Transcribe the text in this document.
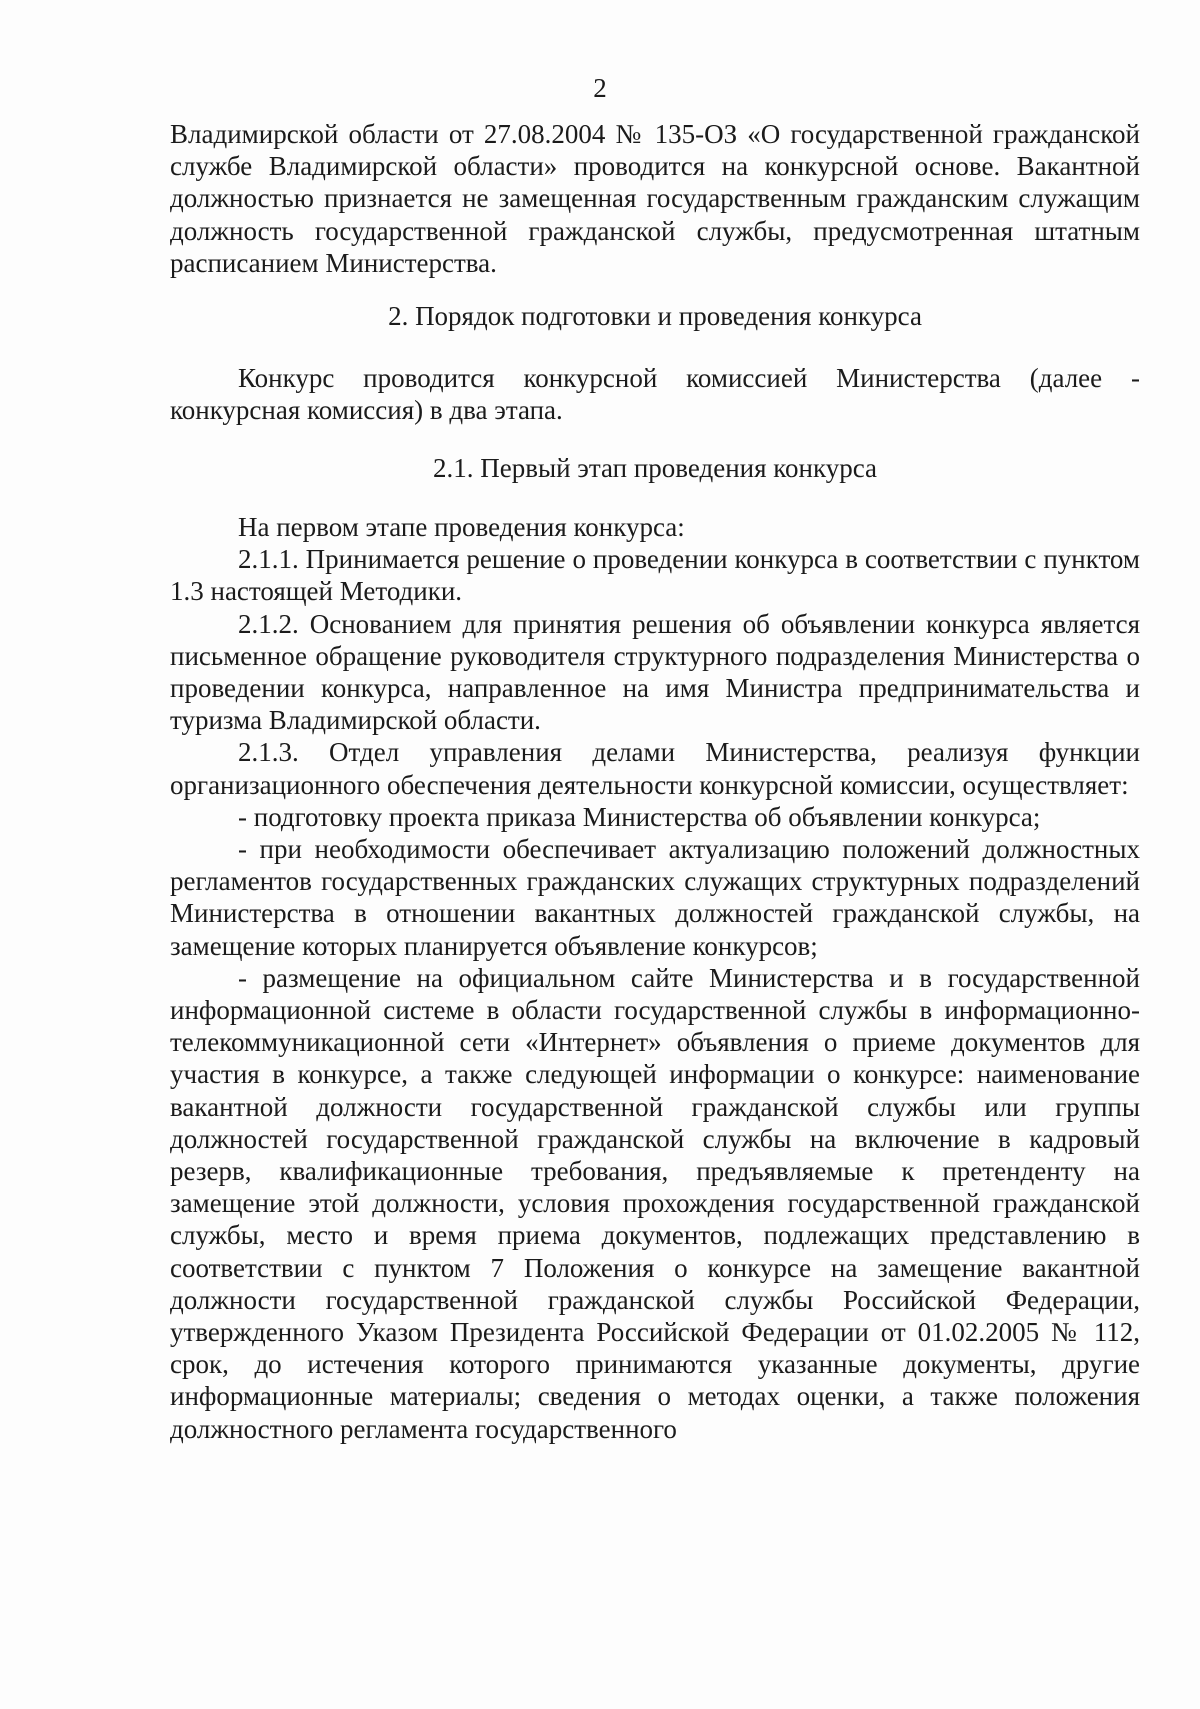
2

Владимирской области от 27.08.2004 № 135-ОЗ «О государственной гражданской службе Владимирской области» проводится на конкурсной основе. Вакантной должностью признается не замещенная государственным гражданским служащим должность государственной гражданской службы, предусмотренная штатным расписанием Министерства.

2. Порядок подготовки и проведения конкурса

Конкурс проводится конкурсной комиссией Министерства (далее - конкурсная комиссия) в два этапа.

2.1. Первый этап проведения конкурса

На первом этапе проведения конкурса:

2.1.1. Принимается решение о проведении конкурса в соответствии с пунктом 1.3 настоящей Методики.

2.1.2. Основанием для принятия решения об объявлении конкурса является письменное обращение руководителя структурного подразделения Министерства о проведении конкурса, направленное на имя Министра предпринимательства и туризма Владимирской области.

2.1.3. Отдел управления делами Министерства, реализуя функции организационного обеспечения деятельности конкурсной комиссии, осуществляет:

- подготовку проекта приказа Министерства об объявлении конкурса;

- при необходимости обеспечивает актуализацию положений должностных регламентов государственных гражданских служащих структурных подразделений Министерства в отношении вакантных должностей гражданской службы, на замещение которых планируется объявление конкурсов;

- размещение на официальном сайте Министерства и в государственной информационной системе в области государственной службы в информационно-телекоммуникационной сети «Интернет» объявления о приеме документов для участия в конкурсе, а также следующей информации о конкурсе: наименование вакантной должности государственной гражданской службы или группы должностей государственной гражданской службы на включение в кадровый резерв, квалификационные требования, предъявляемые к претенденту на замещение этой должности, условия прохождения государственной гражданской службы, место и время приема документов, подлежащих представлению в соответствии с пунктом 7 Положения о конкурсе на замещение вакантной должности государственной гражданской службы Российской Федерации, утвержденного Указом Президента Российской Федерации от 01.02.2005 № 112, срок, до истечения которого принимаются указанные документы, другие информационные материалы; сведения о методах оценки, а также положения должностного регламента государственного
